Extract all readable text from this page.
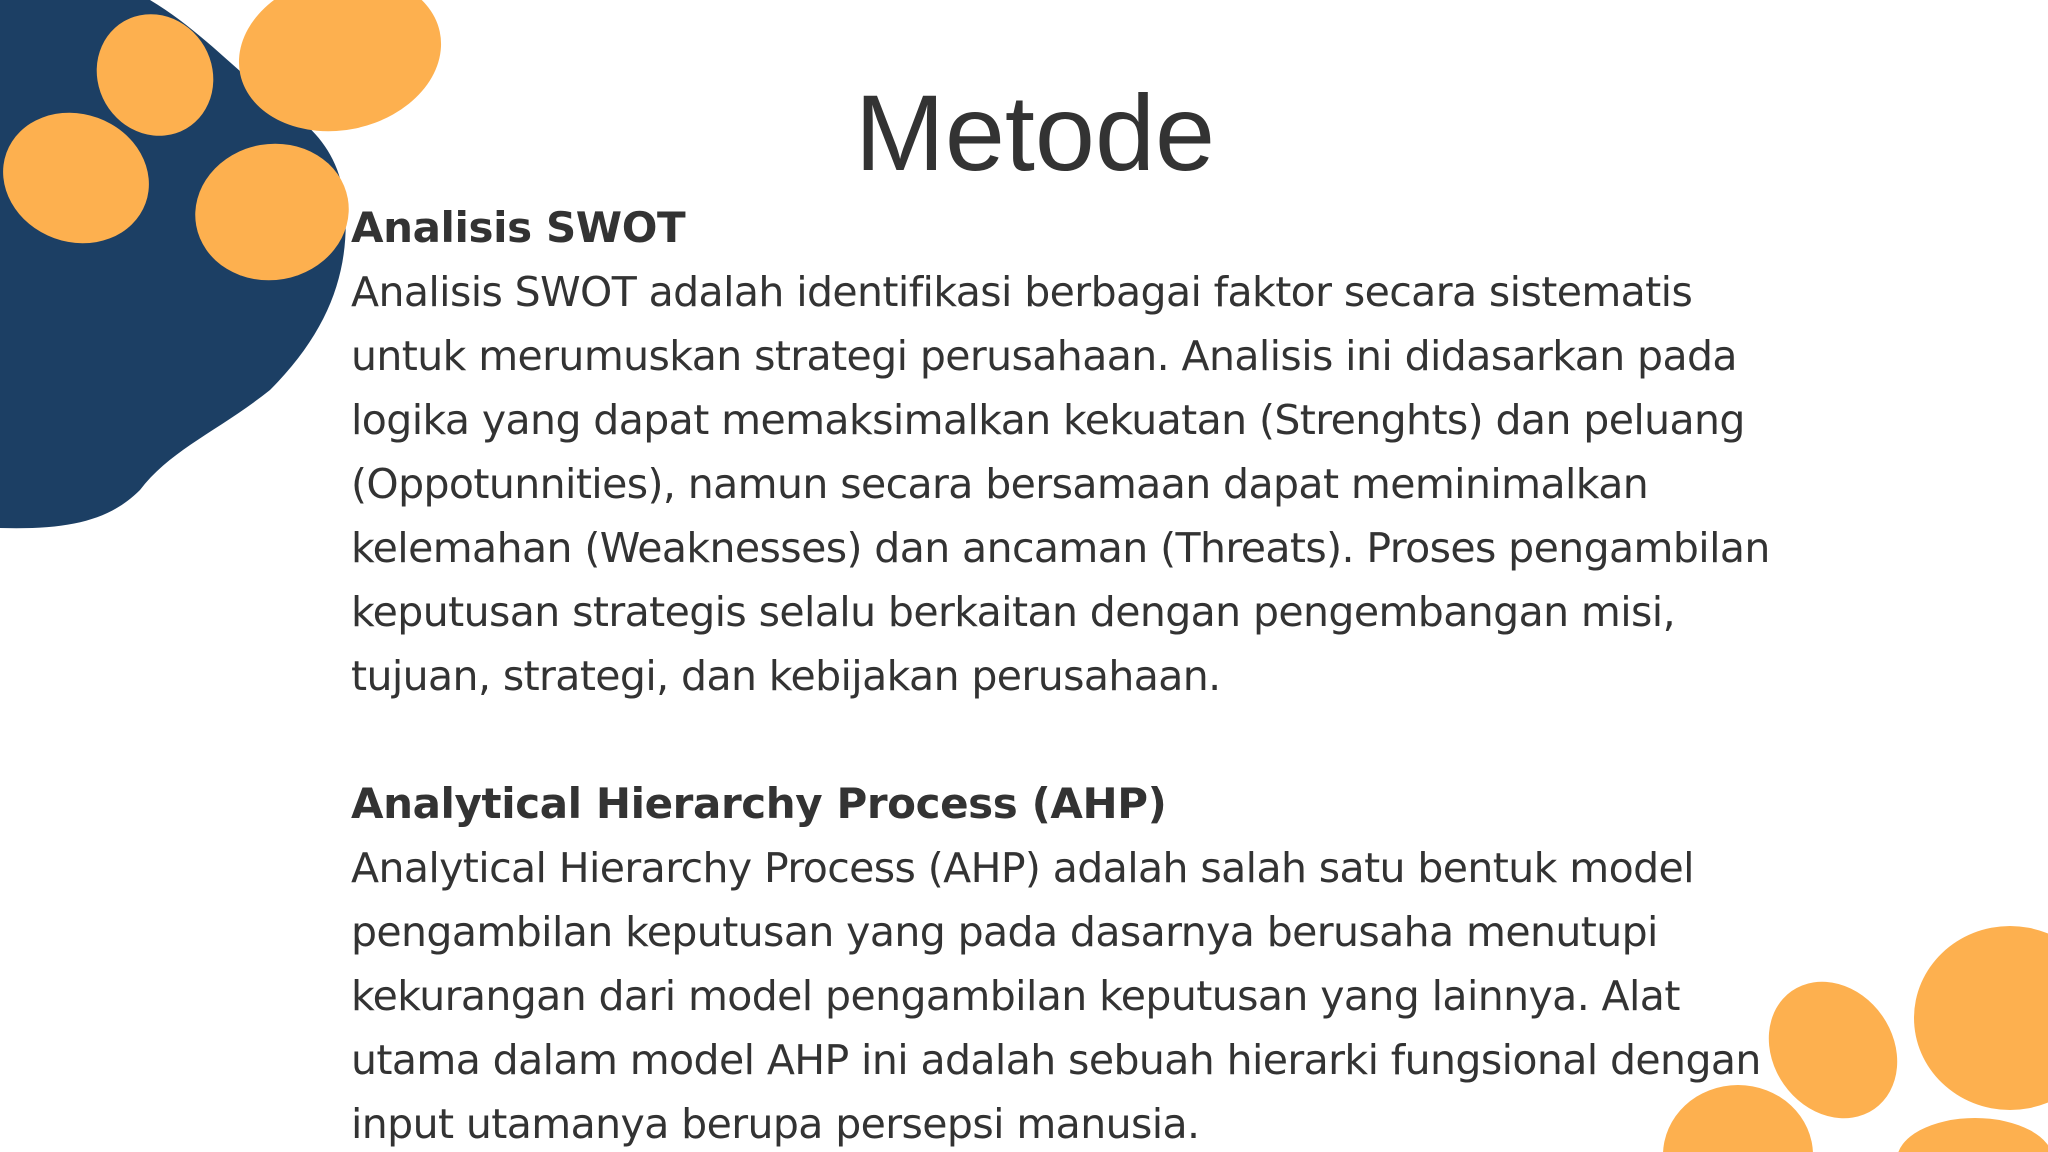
Metode
Analisis SWOT

Analisis SWOT adalah identifikasi berbagai faktor secara sistematis
untuk merumuskan strategi perusahaan. Analisis ini didasarkan pada
logika yang dapat memaksimalkan kekuatan (Strenghts) dan peluang
(Oppotunnities), namun secara bersamaan dapat meminimalkan
kelemahan (Weaknesses) dan ancaman (Threats). Proses pengambilan
keputusan strategis selalu berkaitan dengan pengembangan misi,
tujuan, strategi, dan kebijakan perusahaan.

Analytical Hierarchy Process (AHP)

Analytical Hierarchy Process (AHP) adalah salah satu bentuk model
pengambilan keputusan yang pada dasarnya berusaha menutupi
kekurangan dari model pengambilan keputusan yang lainnya. Alat
utama dalam model AHP ini adalah sebuah hierarki fungsional dengan
input utamanya berupa persepsi manusia.
